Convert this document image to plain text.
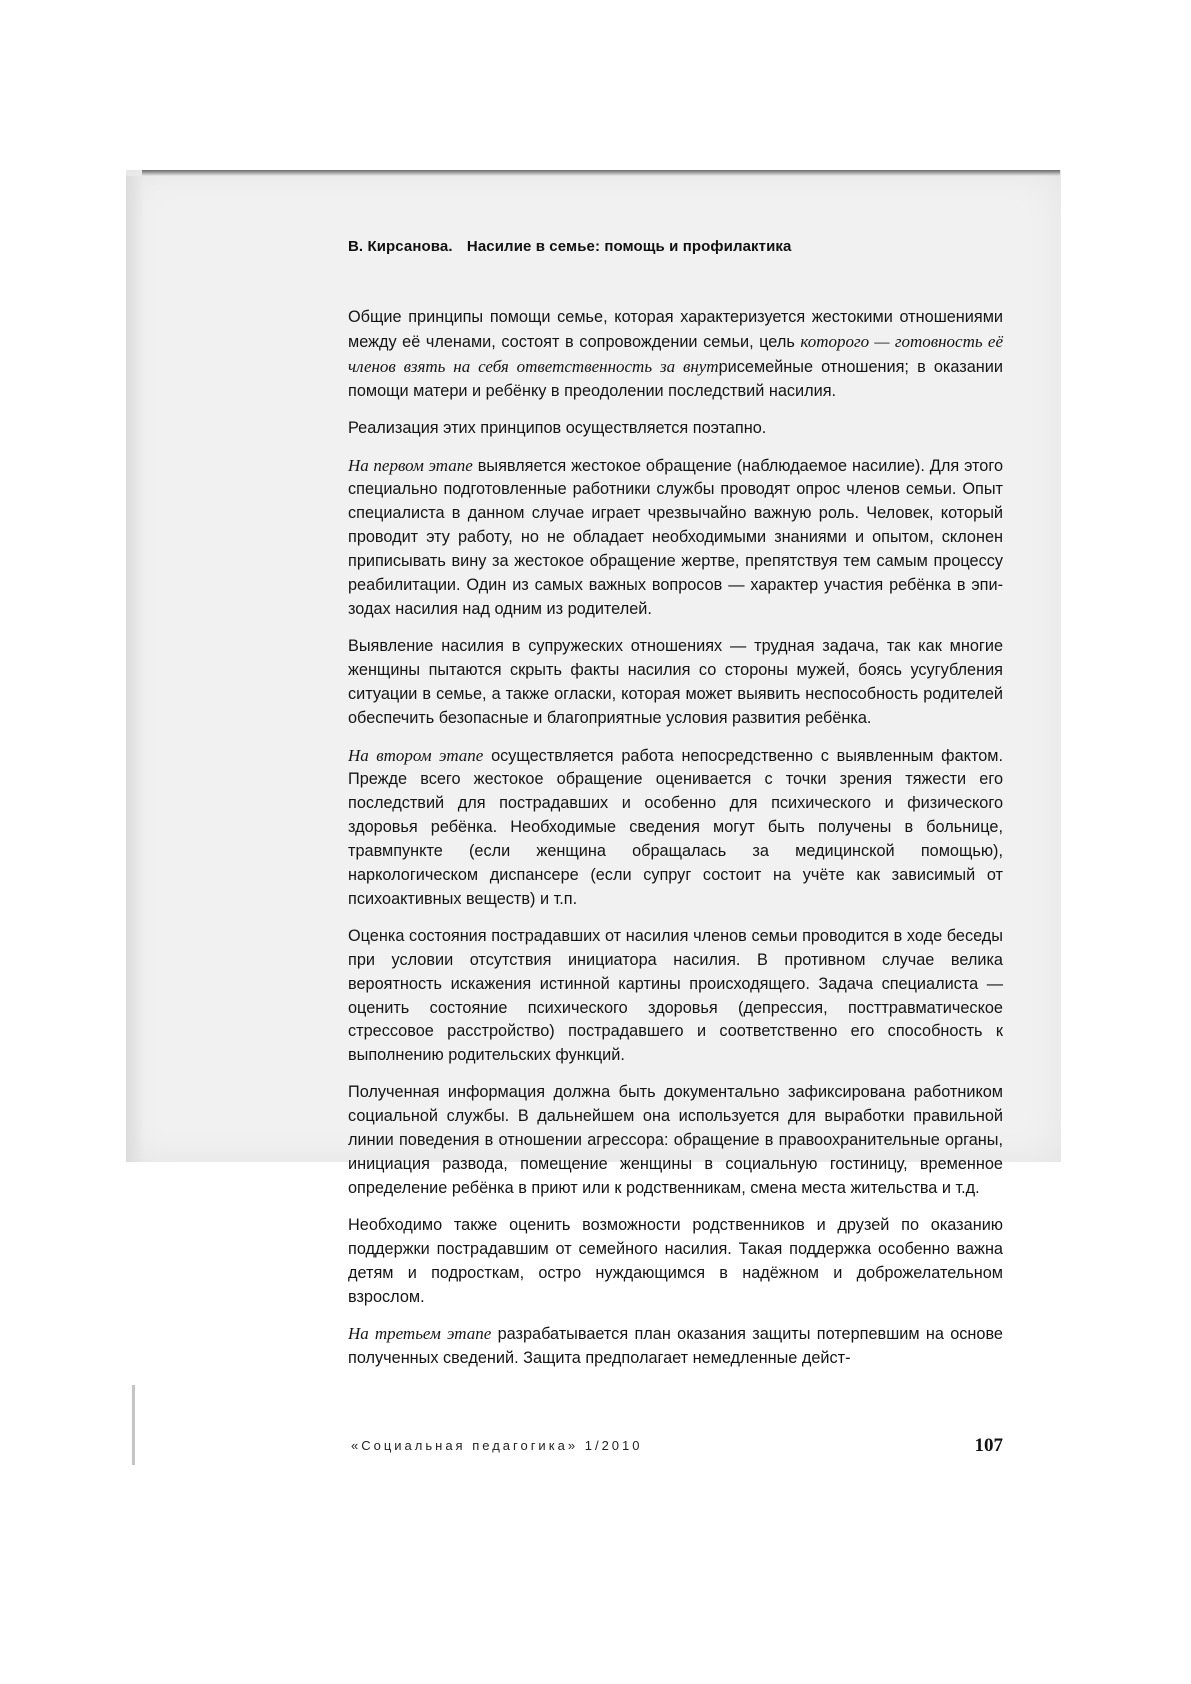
В. Кирсанова. Насилие в семье: помощь и профилактика

Общие принципы помощи семье, которая характеризуется жестокими отношениями между её членами, состоят в сопровождении семьи, цель которого — готовность её членов взять на себя ответственность за внутрисемейные отношения; в оказании помощи матери и ребёнку в преодолении последствий насилия.

Реализация этих принципов осуществляется поэтапно.

На первом этапе выявляется жестокое обращение (наблюдаемое насилие). Для этого специально подготовленные работники службы проводят опрос членов семьи. Опыт специалиста в данном случае играет чрезвычайно важную роль. Человек, который проводит эту работу, но не обладает необходимыми знаниями и опытом, склонен приписывать вину за жестокое обращение жертве, препятствуя тем самым процессу реабилитации. Один из самых важных вопросов — характер участия ребёнка в эпизодах насилия над одним из родителей.

Выявление насилия в супружеских отношениях — трудная задача, так как многие женщины пытаются скрыть факты насилия со стороны мужей, боясь усугубления ситуации в семье, а также огласки, которая может выявить неспособность родителей обеспечить безопасные и благоприятные условия развития ребёнка.

На втором этапе осуществляется работа непосредственно с выявленным фактом. Прежде всего жестокое обращение оценивается с точки зрения тяжести его последствий для пострадавших и особенно для психического и физического здоровья ребёнка. Необходимые сведения могут быть получены в больнице, травмпункте (если женщина обращалась за медицинской помощью), наркологическом диспансере (если супруг состоит на учёте как зависимый от психоактивных веществ) и т.п.

Оценка состояния пострадавших от насилия членов семьи проводится в ходе беседы при условии отсутствия инициатора насилия. В противном случае велика вероятность искажения истинной картины происходящего. Задача специалиста — оценить состояние психического здоровья (депрессия, посттравматическое стрессовое расстройство) пострадавшего и соответственно его способность к выполнению родительских функций.

Полученная информация должна быть документально зафиксирована работником социальной службы. В дальнейшем она используется для выработки правильной линии поведения в отношении агрессора: обращение в правоохранительные органы, инициация развода, помещение женщины в социальную гостиницу, временное определение ребёнка в приют или к родственникам, смена места жительства и т.д.

Необходимо также оценить возможности родственников и друзей по оказанию поддержки пострадавшим от семейного насилия. Такая поддержка особенно важна детям и подросткам, остро нуждающимся в надёжном и доброжелательном взрослом.

На третьем этапе разрабатывается план оказания защиты потерпевшим на основе полученных сведений. Защита предполагает немедленные дейст-

«Социальная педагогика» 1/2010	107
